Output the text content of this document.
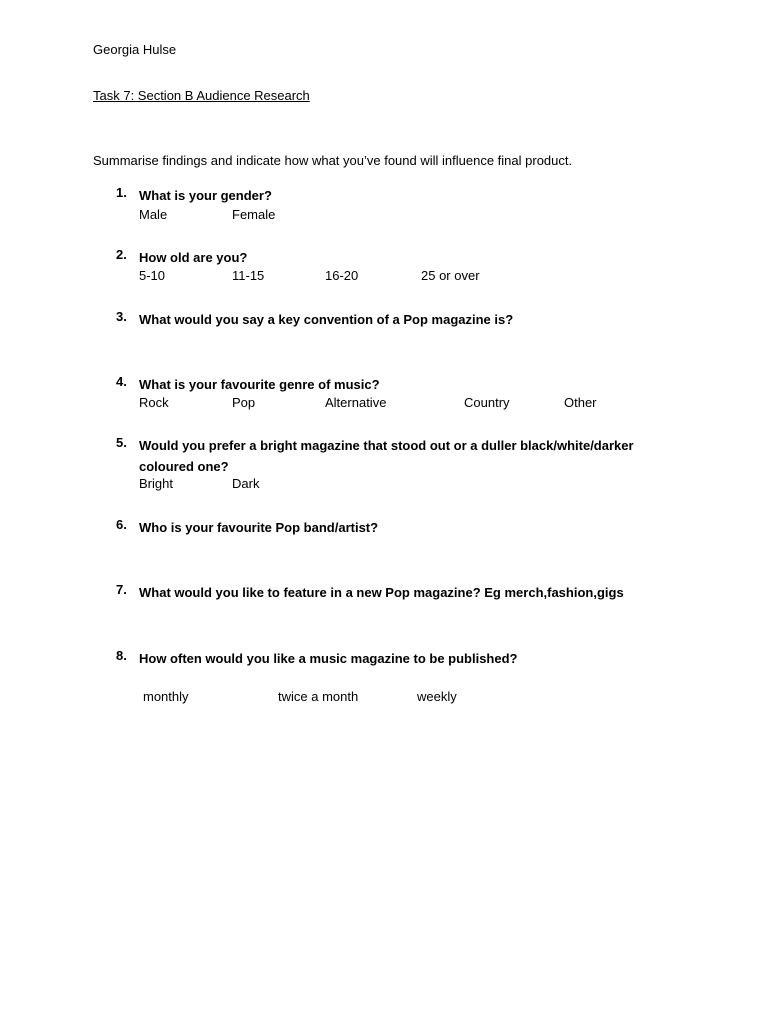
Georgia Hulse
Task 7: Section B Audience Research
Summarise findings and indicate how what you’ve found will influence final product.
1. What is your gender?
Male	Female
2. How old are you?
5-10	11-15	16-20	25 or over
3. What would you say a key convention of a Pop magazine is?
4. What is your favourite genre of music?
Rock	Pop	Alternative	Country	Other
5. Would you prefer a bright magazine that stood out or a duller black/white/darker coloured one?
Bright	Dark
6. Who is your favourite Pop band/artist?
7. What would you like to feature in a new Pop magazine? Eg merch,fashion,gigs
8. How often would you like a music magazine to be published?
monthly	twice a month	weekly
